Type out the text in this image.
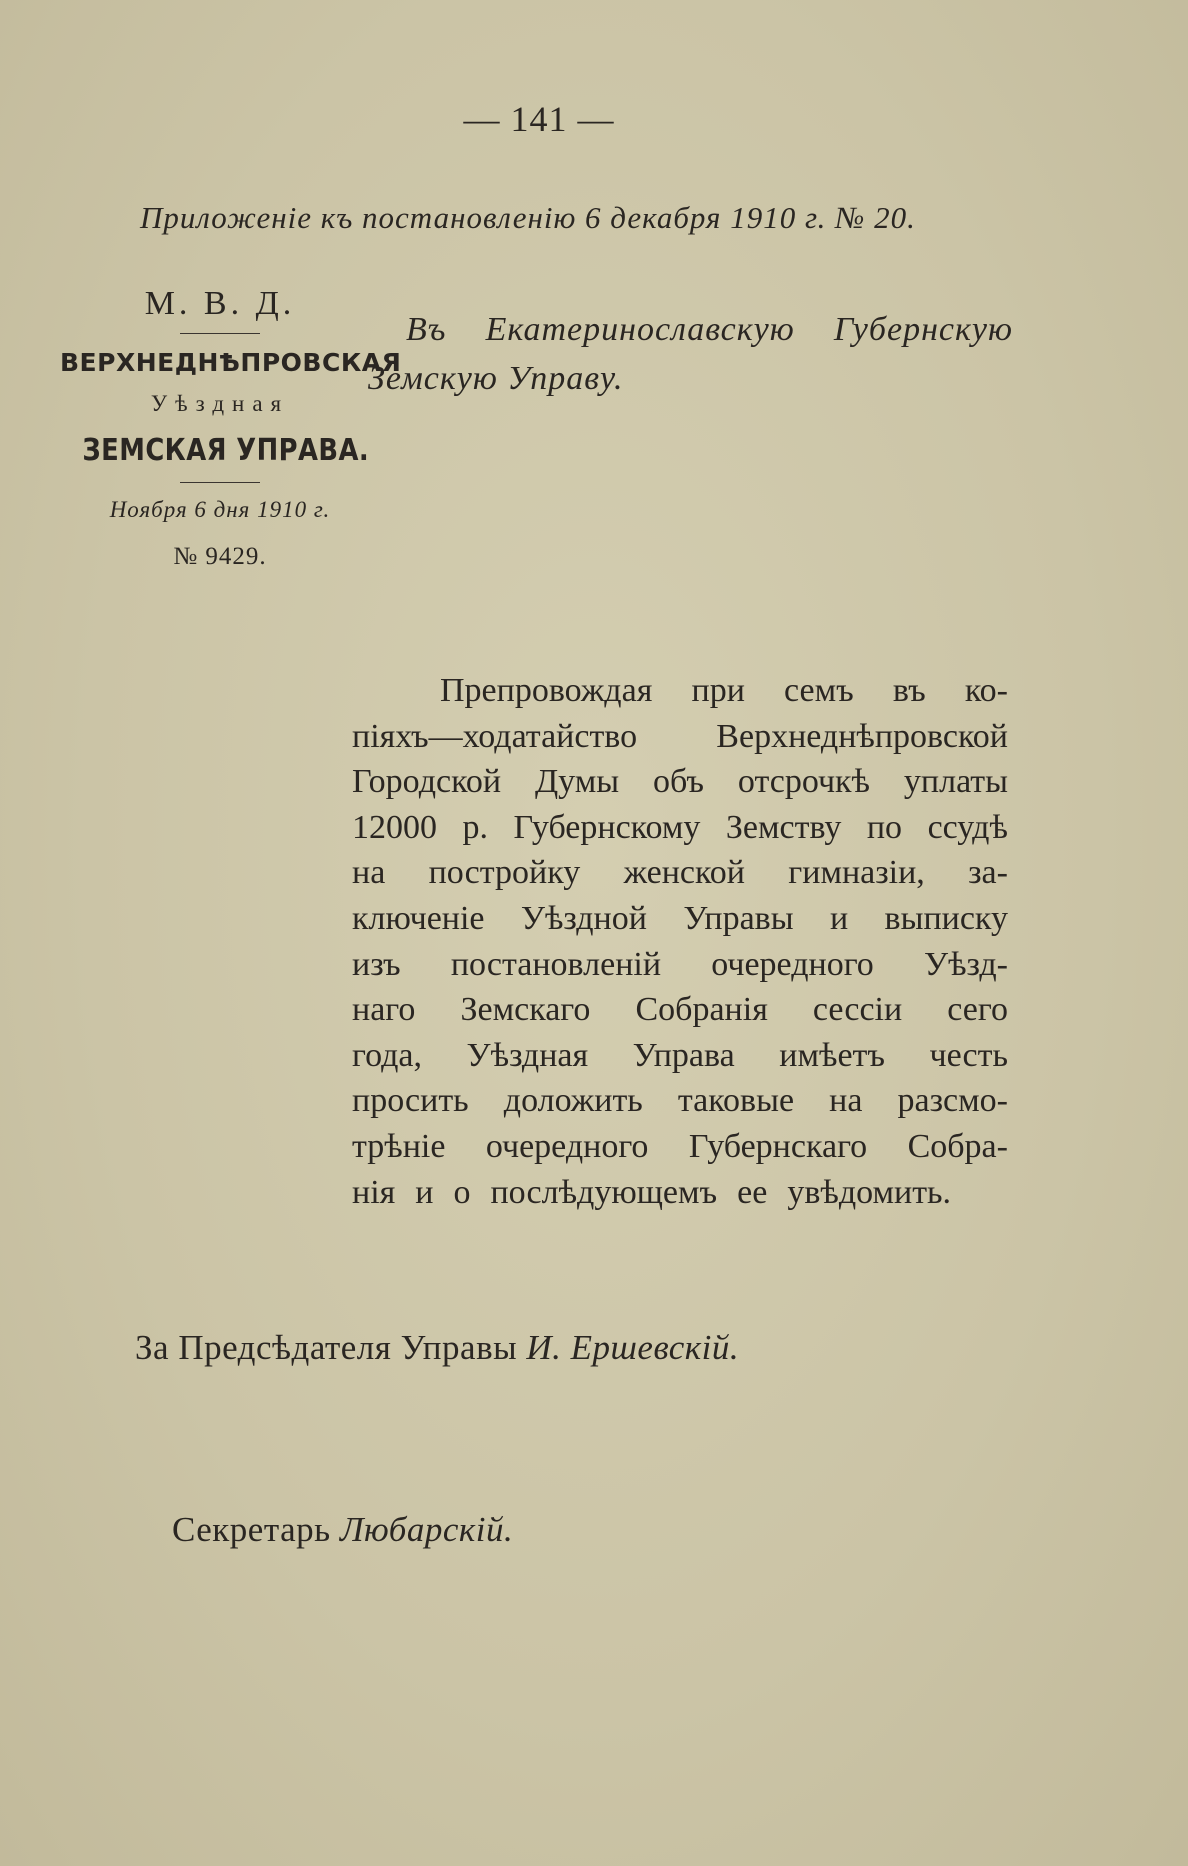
— 141 —
Приложенiе къ постановленiю 6 декабря 1910 г. № 20.
М. В. Д.
ВЕРХНЕДНѢПРОВСКАЯ
Уѣздная
ЗЕМСКАЯ УПРАВА.
Ноября 6 дня 1910 г.
№ 9429.
Въ Екатеринославскую Губернскую
Земскую Управу.
Препровождая при семъ въ ко-
пiяхъ—ходатайство Верхнеднѣпровской
Городской Думы объ отсрочкѣ уплаты
12000 р. Губернскому Земству по ссудѣ
на постройку женской гимназiи, за-
ключенiе Уѣздной Управы и выписку
изъ постановленiй очередного Уѣзд-
наго Земскаго Собранiя сессiи сего
года, Уѣздная Управа имѣетъ честь
просить доложить таковые на разсмо-
трѣнiе очередного Губернскаго Собра-
нiя и о послѣдующемъ ее увѣдомить.
За Предсѣдателя Управы И. Ершевскiй.
Секретарь Любарскiй.
